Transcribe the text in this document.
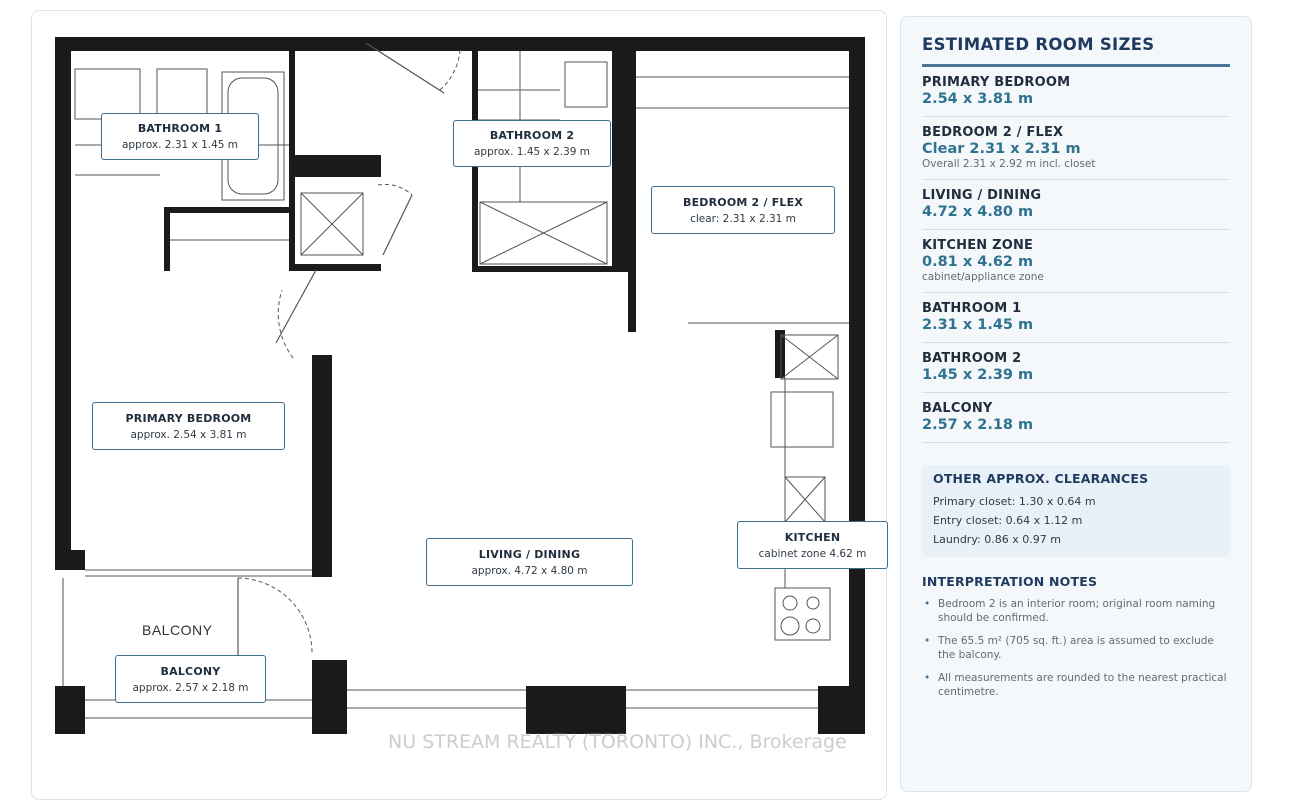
BALCONY
BATHROOM 1
approx. 2.31 x 1.45 m
BATHROOM 2
approx. 1.45 x 2.39 m
BEDROOM 2 / FLEX
clear: 2.31 x 2.31 m
PRIMARY BEDROOM
approx. 2.54 x 3.81 m
LIVING / DINING
approx. 4.72 x 4.80 m
KITCHEN
cabinet zone 4.62 m
BALCONY
approx. 2.57 x 2.18 m
NU STREAM REALTY (TORONTO) INC., Brokerage
ESTIMATED ROOM SIZES
PRIMARY BEDROOM
2.54 x 3.81 m
BEDROOM 2 / FLEX
Clear 2.31 x 2.31 m
Overall 2.31 x 2.92 m incl. closet
LIVING / DINING
4.72 x 4.80 m
KITCHEN ZONE
0.81 x 4.62 m
cabinet/appliance zone
BATHROOM 1
2.31 x 1.45 m
BATHROOM 2
1.45 x 2.39 m
BALCONY
2.57 x 2.18 m
OTHER APPROX. CLEARANCES
Primary closet: 1.30 x 0.64 m
Entry closet: 0.64 x 1.12 m
Laundry: 0.86 x 0.97 m
INTERPRETATION NOTES
• Bedroom 2 is an interior room; original room naming should be confirmed.
• The 65.5 m² (705 sq. ft.) area is assumed to exclude the balcony.
• All measurements are rounded to the nearest practical centimetre.
